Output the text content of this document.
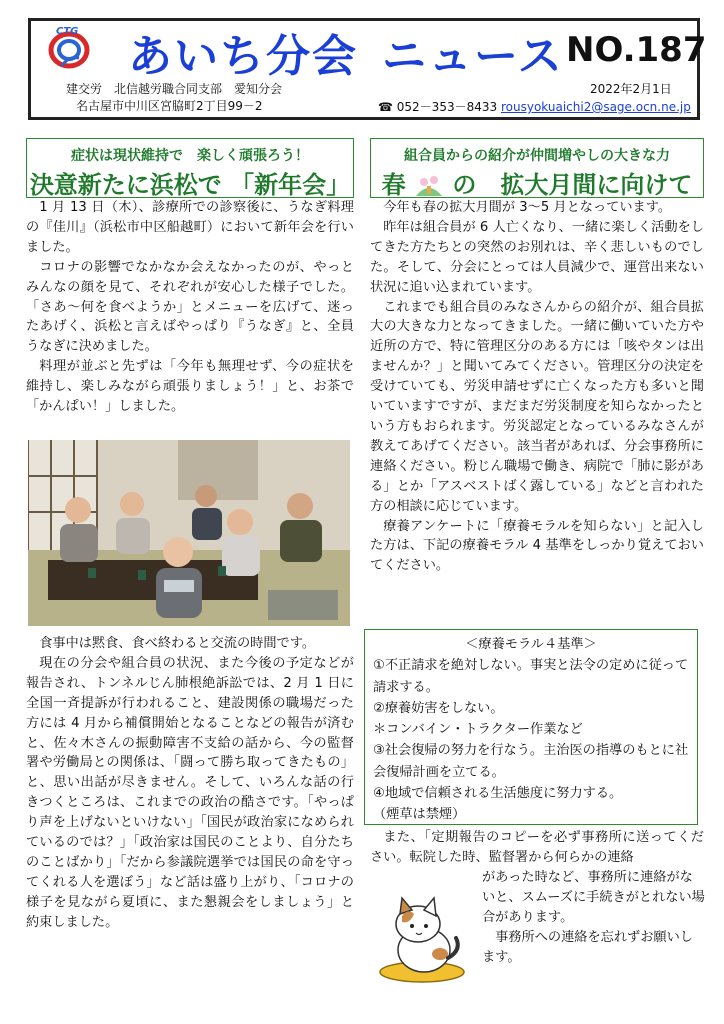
CTG あいち分会 ニュース NO.187
建交労　北信越労職合同支部　愛知分会
名古屋市中川区宮脇町2丁目99－2
2022年2月1日
☎ 052－353－8433 rousyokuaichi2@sage.ocn.ne.jp
症状は現状維持で　楽しく頑張ろう！
決意新たに浜松で 「新年会」
組合員からの紹介が仲間増やしの大きな力
春 の　拡大月間に向けて

1 月 13 日（木）、診療所での診察後に、うなぎ料理の『佳川』（浜松市中区船越町）において新年会を行いました。

コロナの影響でなかなか会えなかったのが、やっとみんなの顔を見て、それぞれが安心した様子でした。「さあ～何を食べようか」とメニューを広げて、迷ったあげく、浜松と言えばやっぱり『うなぎ』と、全員うなぎに決めました。

料理が並ぶと先ずは「今年も無理せず、今の症状を維持し、楽しみながら頑張りましょう！」と、お茶で「かんぱい！」しました。

食事中は黙食、食べ終わると交流の時間です。

現在の分会や組合員の状況、また今後の予定などが報告され、トンネルじん肺根絶訴訟では、2 月 1 日に全国一斉提訴が行われること、建設関係の職場だった方には 4 月から補償開始となることなどの報告が済むと、佐々木さんの振動障害不支給の話から、今の監督署や労働局との関係は、「闘って勝ち取ってきたもの」と、思い出話が尽きません。そして、いろんな話の行きつくところは、これまでの政治の酷さです。「やっぱり声を上げないといけない」「国民が政治家になめられているのでは？」「政治家は国民のことより、自分たちのことばかり」「だから参議院選挙では国民の命を守ってくれる人を選ぼう」など話は盛り上がり、「コロナの様子を見ながら夏頃に、また懇親会をしましょう」と約束しました。

今年も春の拡大月間が 3～5 月となっています。

昨年は組合員が 6 人亡くなり、一緒に楽しく活動をしてきた方たちとの突然のお別れは、辛く悲しいものでした。そして、分会にとっては人員減少で、運営出来ない状況に追い込まれています。

これまでも組合員のみなさんからの紹介が、組合員拡大の大きな力となってきました。一緒に働いていた方や近所の方で、特に管理区分のある方には「咳やタンは出ませんか？」と聞いてみてください。管理区分の決定を受けていても、労災申請せずに亡くなった方も多いと聞いていますですが、まだまだ労災制度を知らなかったという方もおられます。労災認定となっているみなさんが教えてあげてください。該当者があれば、分会事務所に連絡ください。粉じん職場で働き、病院で「肺に影がある」とか「アスベストばく露している」などと言われた方の相談に応じています。

療養アンケートに「療養モラルを知らない」と記入した方は、下記の療養モラル 4 基準をしっかり覚えておいてください。

＜療養モラル４基準＞
①不正請求を絶対しない。事実と法令の定めに従って請求する。
②療養妨害をしない。
＊コンバイン・トラクター作業など
③社会復帰の努力を行なう。主治医の指導のもとに社会復帰計画を立てる。
④地域で信頼される生活態度に努力する。
（煙草は禁煙）

また、「定期報告のコピーを必ず事務所に送ってください。転院した時、監督署から何らかの連絡

があった時など、事務所に連絡がないと、スムーズに手続きがとれない場合があります。

　事務所への連絡を忘れずお願いします。
